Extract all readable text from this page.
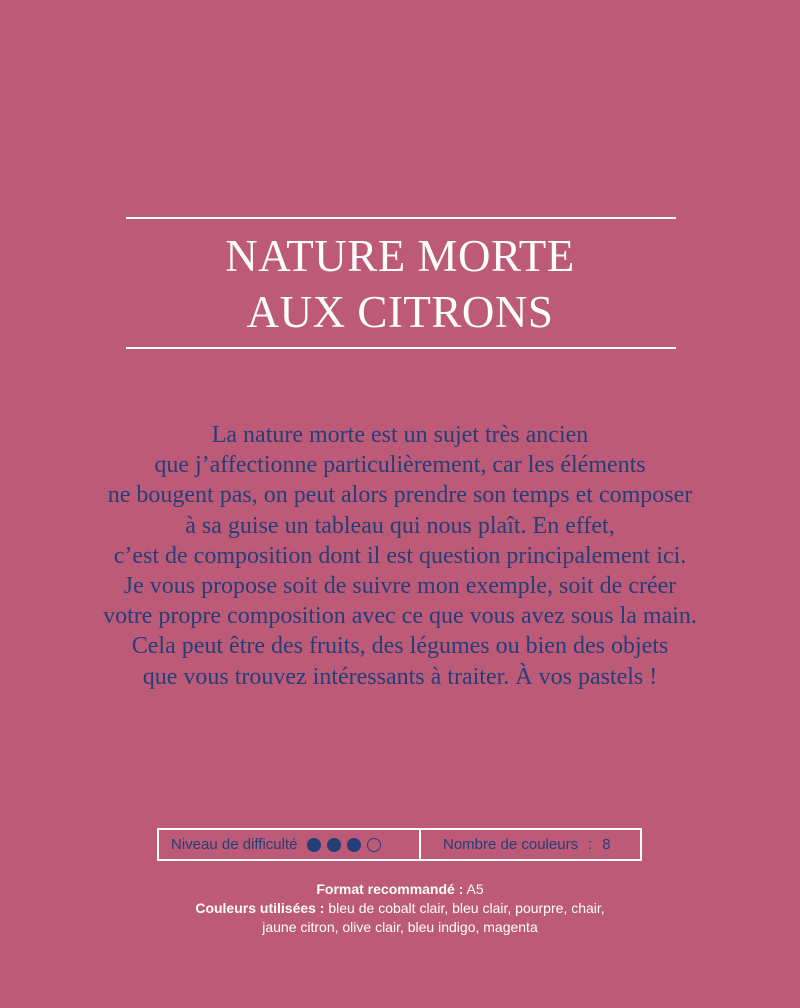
NATURE MORTE
AUX CITRONS
La nature morte est un sujet très ancien
que j’affectionne particulièrement, car les éléments
ne bougent pas, on peut alors prendre son temps et composer
à sa guise un tableau qui nous plaît. En effet,
c’est de composition dont il est question principalement ici.
Je vous propose soit de suivre mon exemple, soit de créer
votre propre composition avec ce que vous avez sous la main.
Cela peut être des fruits, des légumes ou bien des objets
que vous trouvez intéressants à traiter. À vos pastels !
Niveau de difficulté	Nombre de couleurs : 8
Format recommandé : A5
Couleurs utilisées : bleu de cobalt clair, bleu clair, pourpre, chair,
jaune citron, olive clair, bleu indigo, magenta
